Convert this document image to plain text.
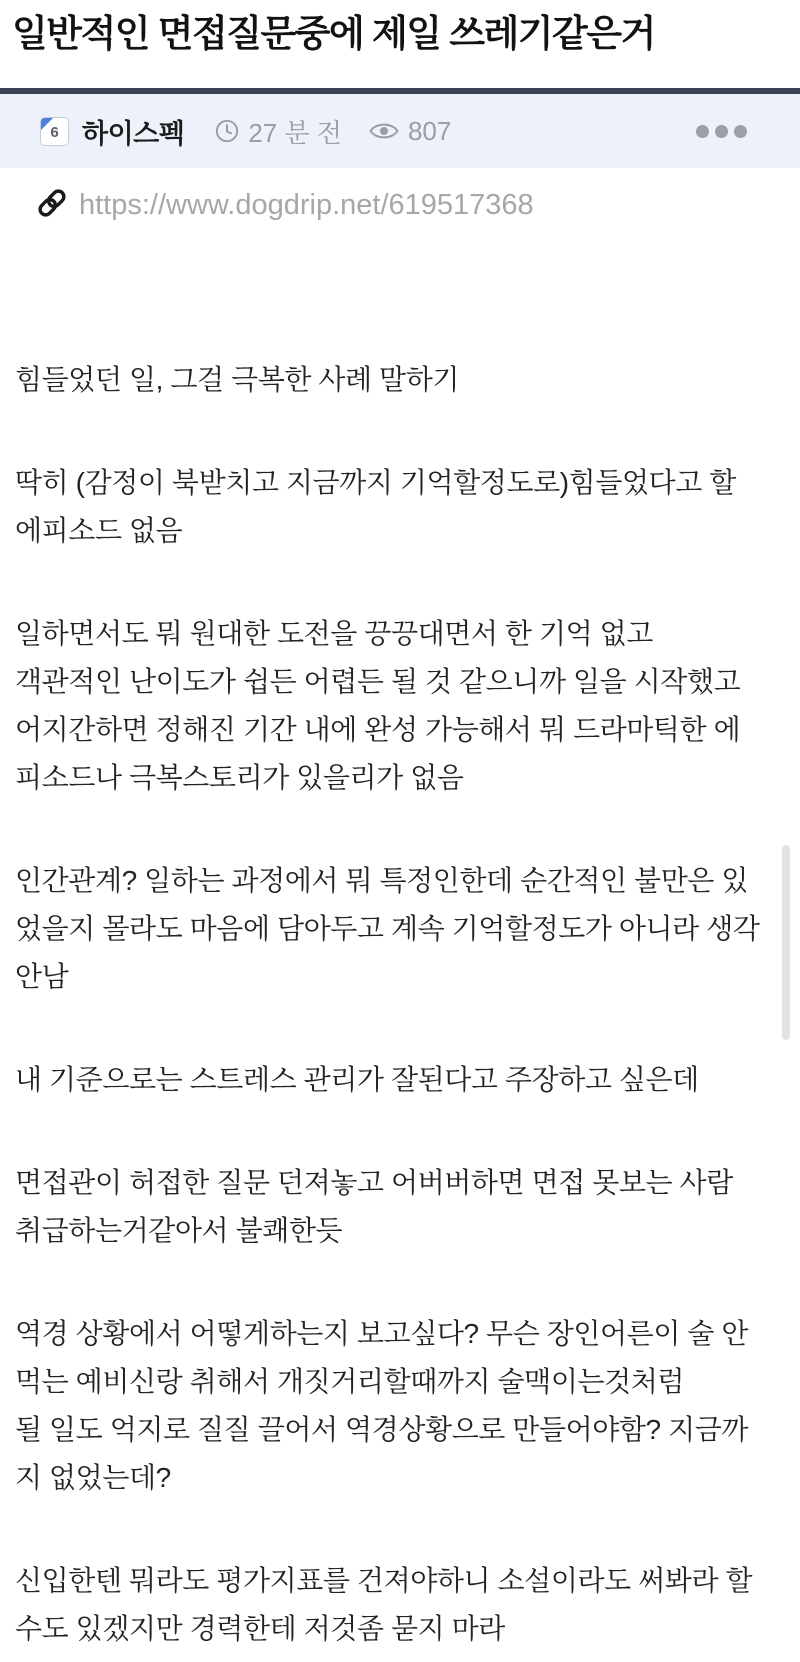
일반적인 면접질문중에 제일 쓰레기같은거
6 하이스펙 27 분 전	807
https://www.dogdrip.net/619517368

힘들었던 일, 그걸 극복한 사례 말하기

딱히 (감정이 북받치고 지금까지 기억할정도로)힘들었다고 할
에피소드 없음

일하면서도 뭐 원대한 도전을 끙끙대면서 한 기억 없고
객관적인 난이도가 쉽든 어렵든 될 것 같으니까 일을 시작했고
어지간하면 정해진 기간 내에 완성 가능해서 뭐 드라마틱한 에
피소드나 극복스토리가 있을리가 없음

인간관계? 일하는 과정에서 뭐 특정인한데 순간적인 불만은 있
었을지 몰라도 마음에 담아두고 계속 기억할정도가 아니라 생각
안남

내 기준으로는 스트레스 관리가 잘된다고 주장하고 싶은데

면접관이 허접한 질문 던져놓고 어버버하면 면접 못보는 사람
취급하는거같아서 불쾌한듯

역경 상황에서 어떻게하는지 보고싶다? 무슨 장인어른이 술 안
먹는 예비신랑 취해서 개짓거리할때까지 술맥이는것처럼
될 일도 억지로 질질 끌어서 역경상황으로 만들어야함? 지금까
지 없었는데?

신입한텐 뭐라도 평가지표를 건져야하니 소설이라도 써봐라 할
수도 있겠지만 경력한테 저것좀 묻지 마라
